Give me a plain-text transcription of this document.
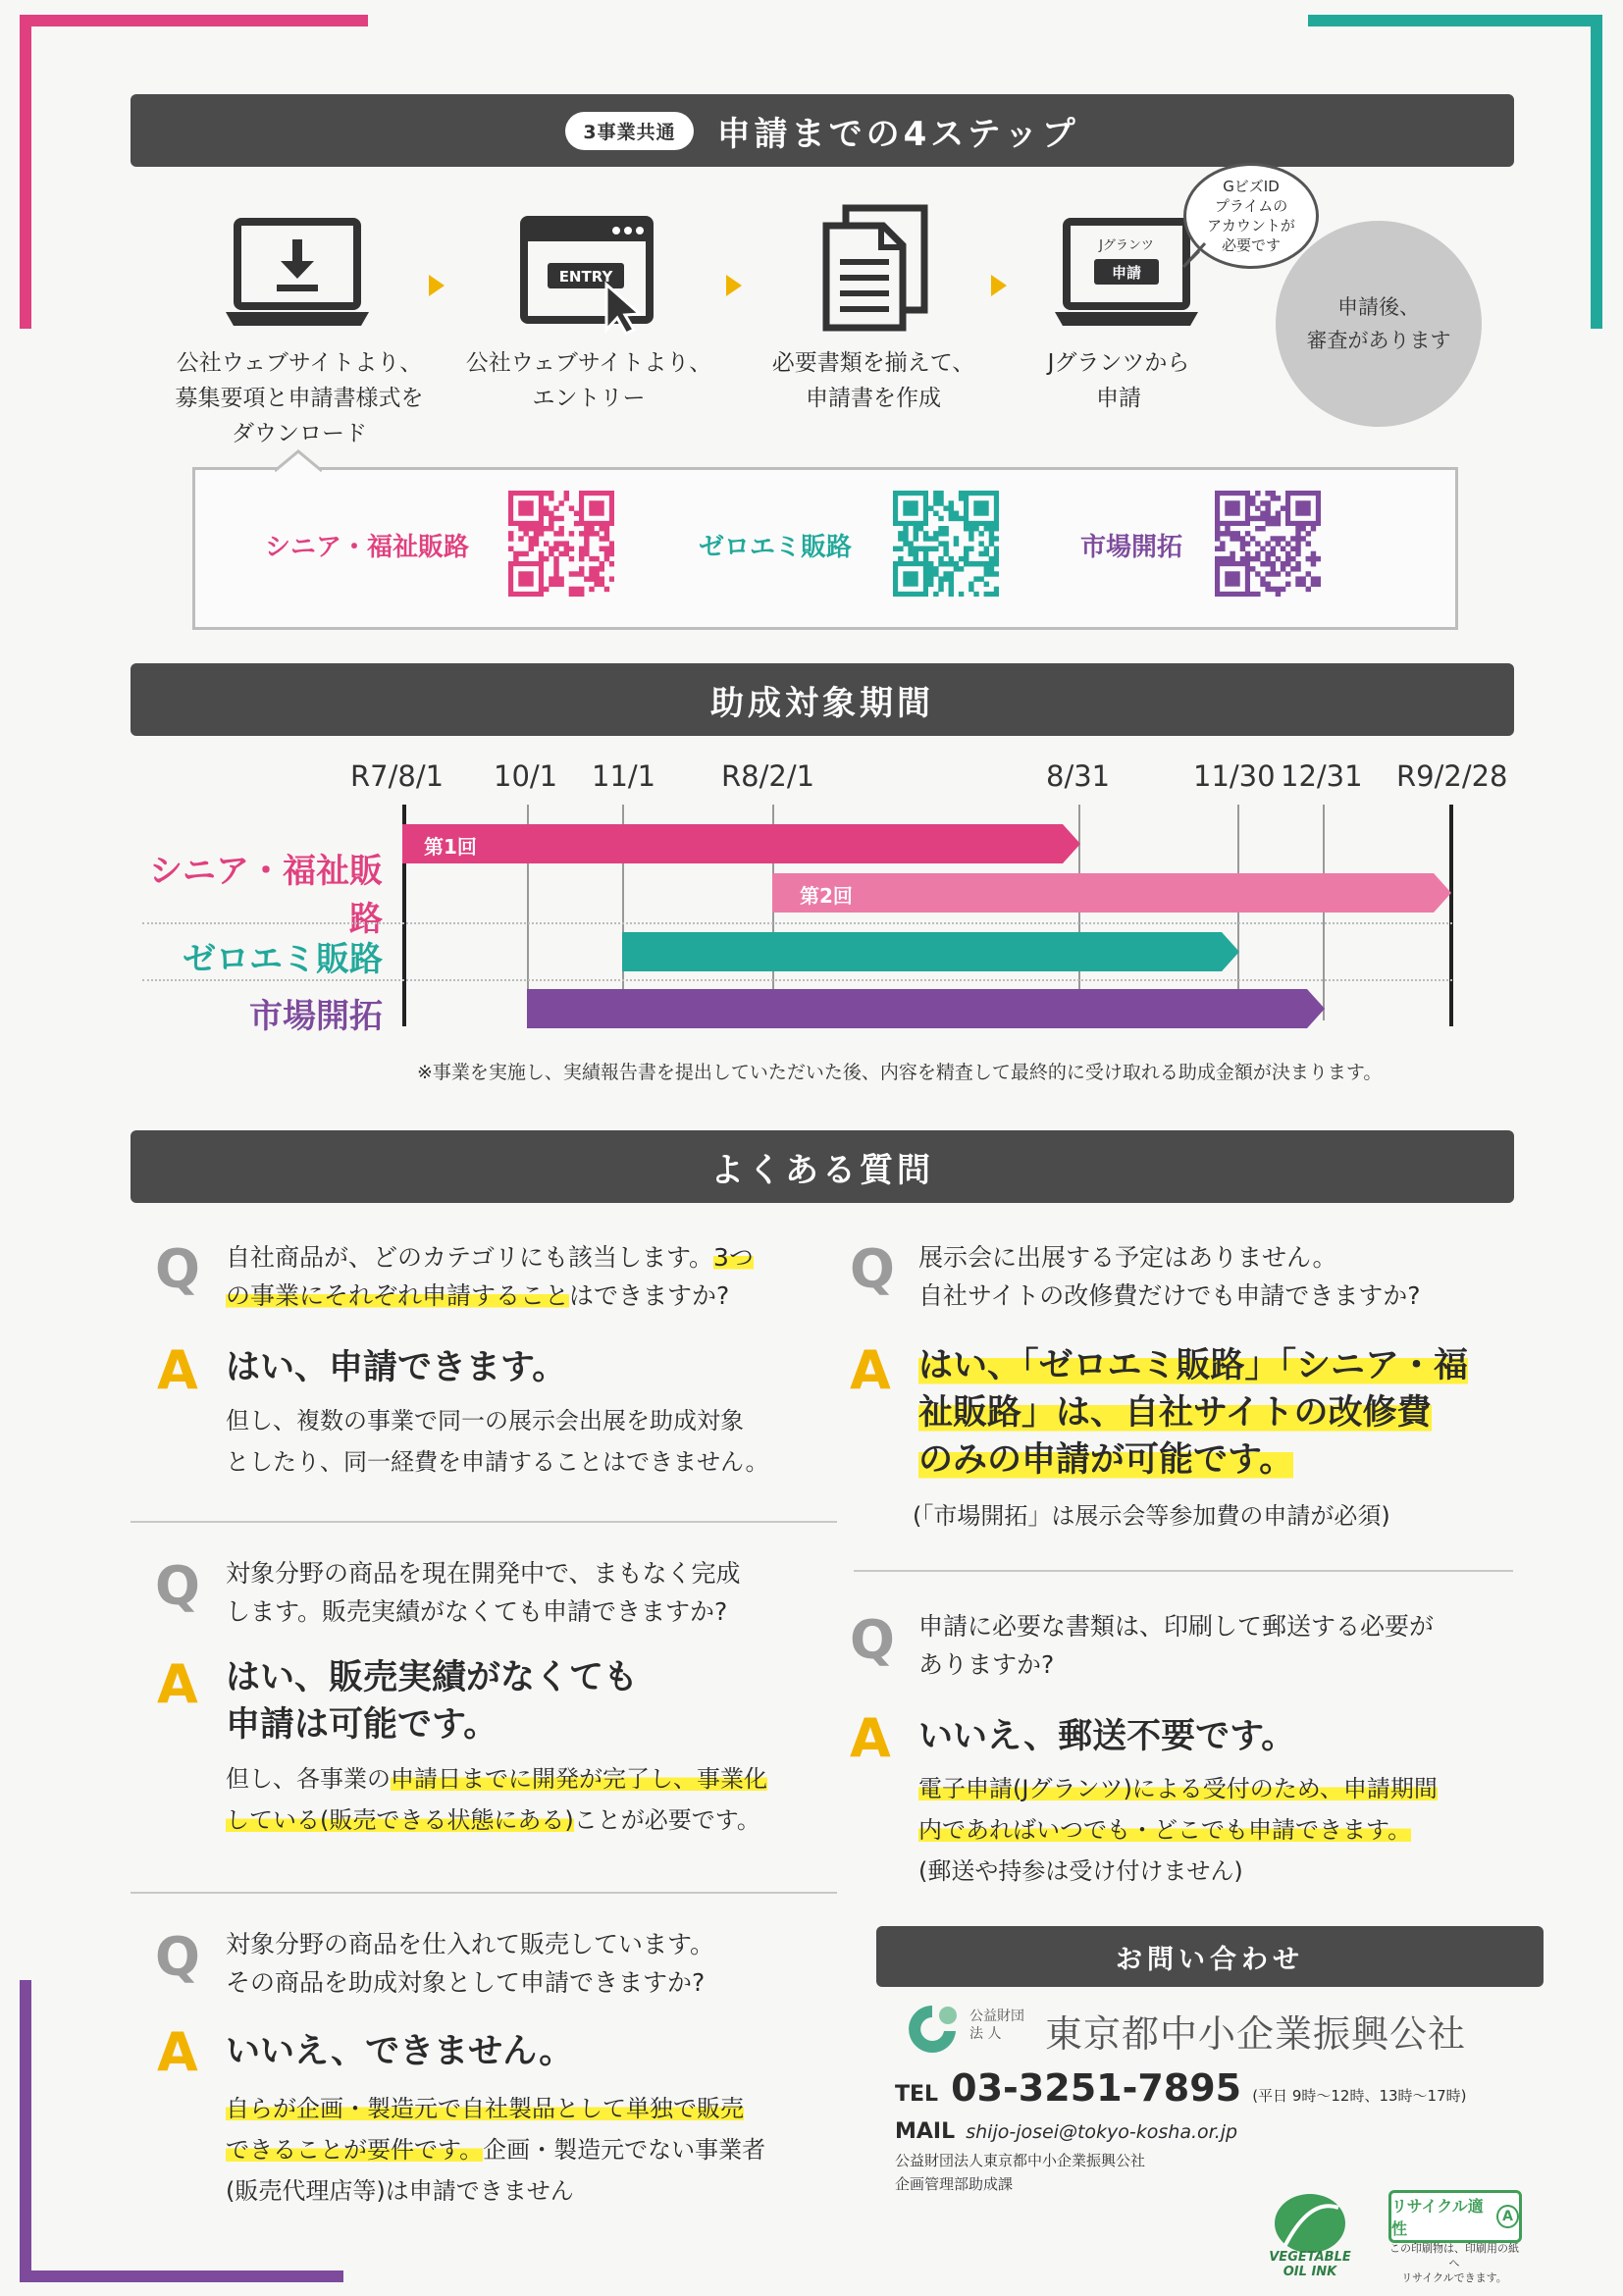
3事業共通	申請までの4ステップ
ENTRY
Jグランツ
申請
GビズID
プライムの
アカウントが
必要です
申請後、
審査があります
公社ウェブサイトより、
募集要項と申請書様式を
ダウンロード
公社ウェブサイトより、
エントリー
必要書類を揃えて、
申請書を作成
Jグランツから
申請
シニア・福祉販路	ゼロエミ販路	市場開拓
助成対象期間
R7/8/1 10/1 11/1 R8/2/1	8/31	11/30 12/31 R9/2/28
シニア・福祉販路
第1回
第2回
ゼロエミ販路
市場開拓
※事業を実施し、実績報告書を提出していただいた後、内容を精査して最終的に受け取れる助成金額が決まります。
よくある質問
Q 自社商品が、どのカテゴリにも該当します。3つ
の事業にそれぞれ申請することはできますか?
A はい、申請できます。
但し、複数の事業で同一の展示会出展を助成対象
としたり、同一経費を申請することはできません。
Q 対象分野の商品を現在開発中で、まもなく完成
します。販売実績がなくても申請できますか?
A はい、販売実績がなくても
申請は可能です。
但し、各事業の申請日までに開発が完了し、事業化
している(販売できる状態にある)ことが必要です。
Q 対象分野の商品を仕入れて販売しています。
その商品を助成対象として申請できますか?
A いいえ、できません。
自らが企画・製造元で自社製品として単独で販売
できることが要件です。企画・製造元でない事業者
(販売代理店等)は申請できません
Q 展示会に出展する予定はありません。
自社サイトの改修費だけでも申請できますか?
A はい、「ゼロエミ販路」「シニア・福
祉販路」は、自社サイトの改修費
のみの申請が可能です。
(「市場開拓」は展示会等参加費の申請が必須)
Q 申請に必要な書類は、印刷して郵送する必要が
ありますか?
A いいえ、郵送不要です。
電子申請(Jグランツ)による受付のため、申請期間
内であればいつでも・どこでも申請できます。
(郵送や持参は受け付けません)
お問い合わせ
公益財団
法 人	東京都中小企業振興公社
TEL 03-3251-7895 (平日 9時～12時、13時～17時)
MAIL shijo-josei@tokyo-kosha.or.jp
公益財団法人東京都中小企業振興公社
企画管理部助成課
VEGETABLE
OIL INK
リサイクル適性
A
この印刷物は、印刷用の紙へ
リサイクルできます。
